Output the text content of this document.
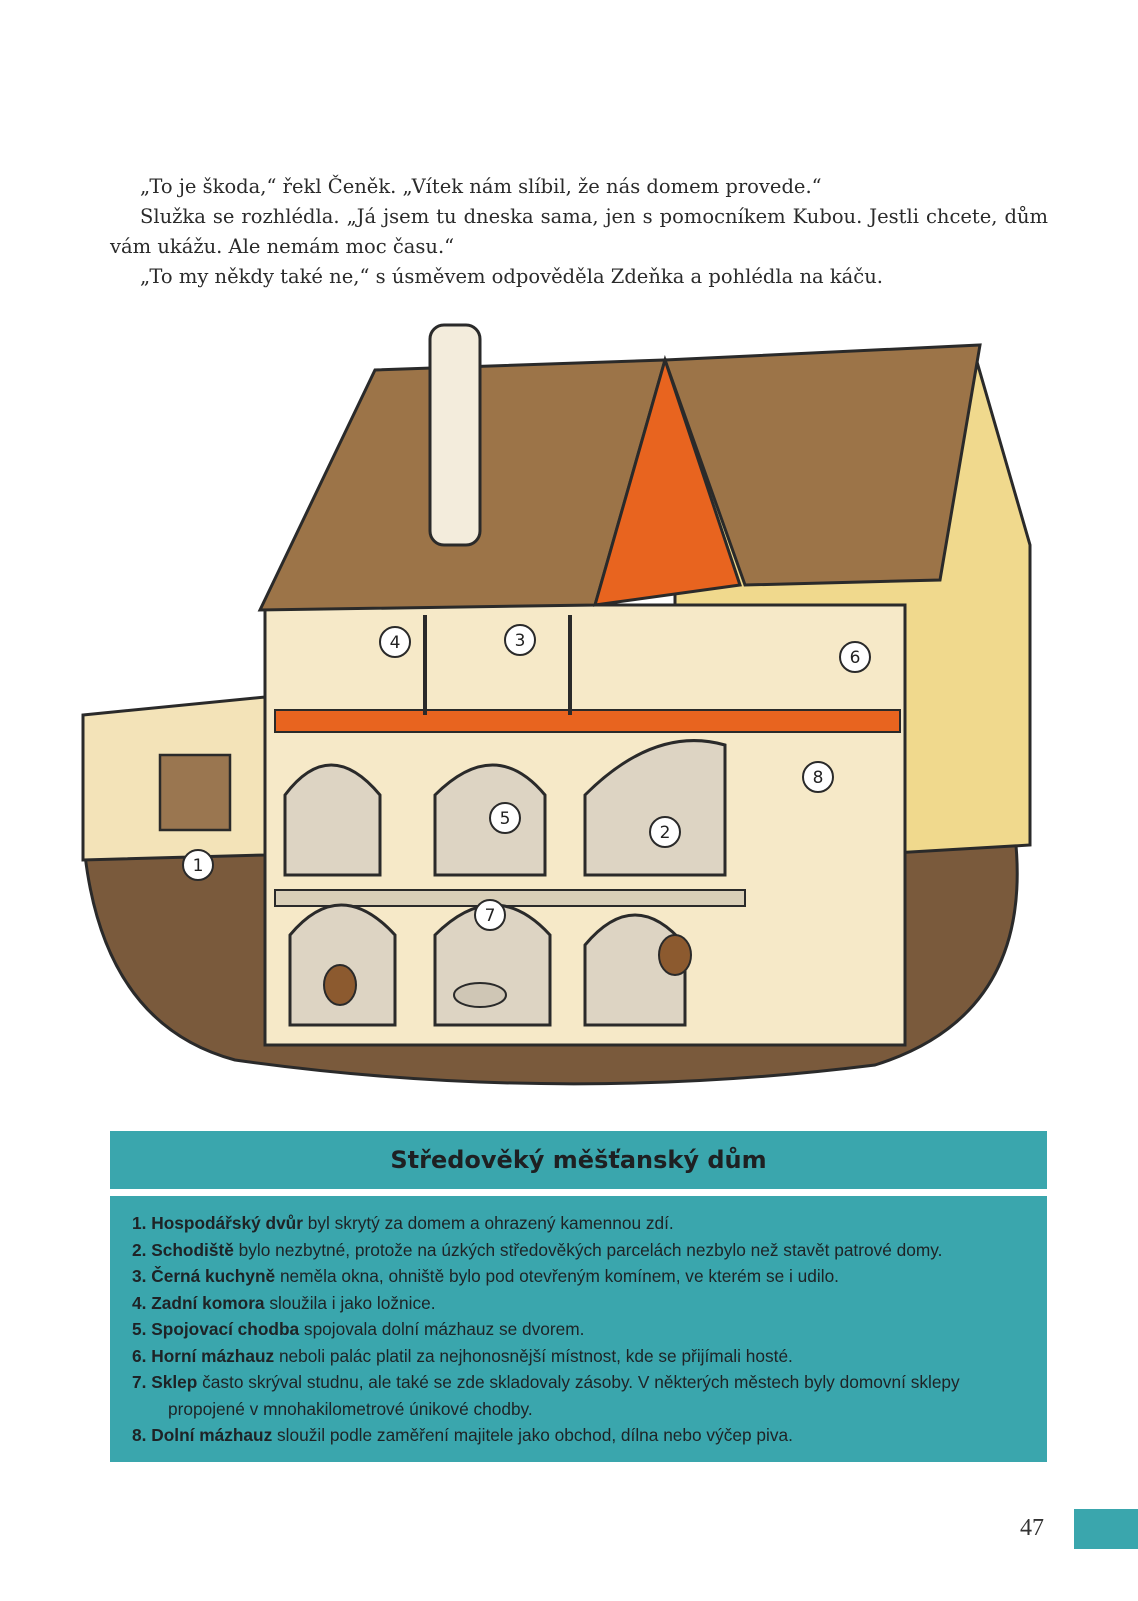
„To je škoda,“ řekl Čeněk. „Vítek nám slíbil, že nás domem provede.“

Služka se rozhlédla. „Já jsem tu dneska sama, jen s pomocníkem Kubou. Jestli chcete, dům vám ukážu. Ale nemám moc času.“

„To my někdy také ne,“ s úsměvem odpověděla Zdeňka a pohlédla na káču.

1
2
3
4
5
6
7
8
Středověký měšťanský dům
1. Hospodářský dvůr byl skrytý za domem a ohrazený kamennou zdí.
2. Schodiště bylo nezbytné, protože na úzkých středověkých parcelách nezbylo než stavět patrové domy.
3. Černá kuchyně neměla okna, ohniště bylo pod otevřeným komínem, ve kterém se i udilo.
4. Zadní komora sloužila i jako ložnice.
5. Spojovací chodba spojovala dolní mázhauz se dvorem.
6. Horní mázhauz neboli palác platil za nejhonosnější místnost, kde se přijímali hosté.
7. Sklep často skrýval studnu, ale také se zde skladovaly zásoby. V některých městech byly domovní sklepy propojené v mnohakilometrové únikové chodby.
8. Dolní mázhauz sloužil podle zaměření majitele jako obchod, dílna nebo výčep piva.
47
